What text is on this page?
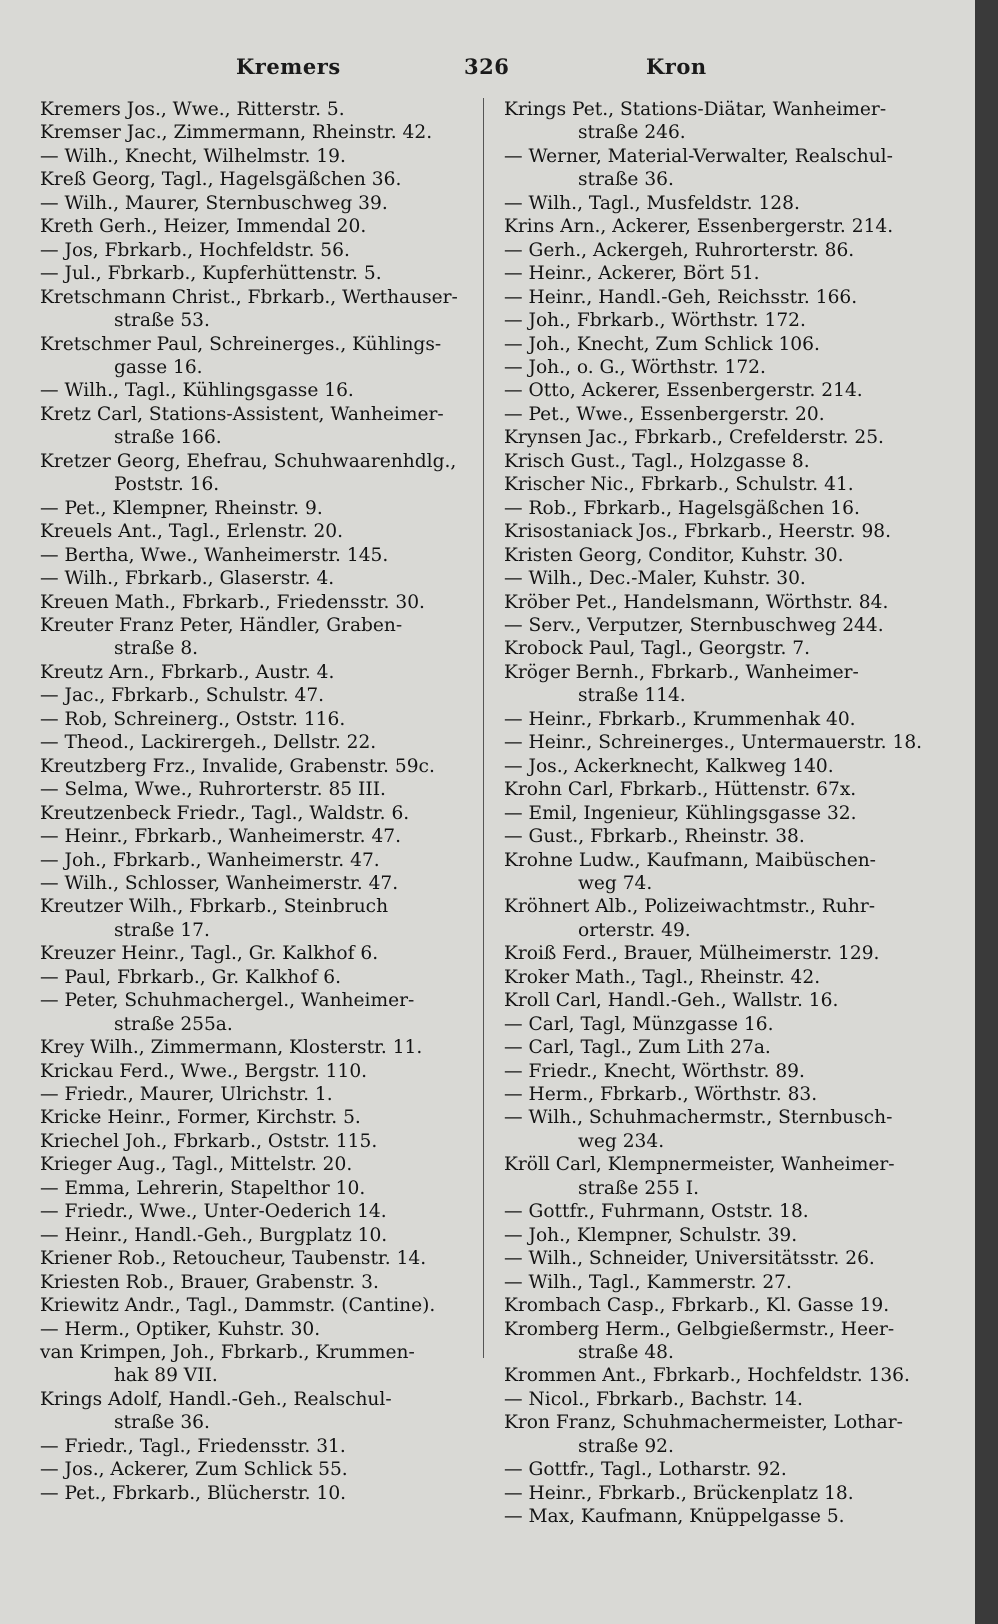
Kremers	326	Kron
Kremers Jos., Wwe., Ritterstr. 5.
Kremser Jac., Zimmermann, Rheinstr. 42.
— Wilh., Knecht, Wilhelmstr. 19.
Kreß Georg, Tagl., Hagelsgäßchen 36.
— Wilh., Maurer, Sternbuschweg 39.
Kreth Gerh., Heizer, Immendal 20.
— Jos, Fbrkarb., Hochfeldstr. 56.
— Jul., Fbrkarb., Kupferhüttenstr. 5.
Kretschmann Christ., Fbrkarb., Werthauser-
straße 53.
Kretschmer Paul, Schreinerges., Kühlings-
gasse 16.
— Wilh., Tagl., Kühlingsgasse 16.
Kretz Carl, Stations-Assistent, Wanheimer-
straße 166.
Kretzer Georg, Ehefrau, Schuhwaarenhdlg.,
Poststr. 16.
— Pet., Klempner, Rheinstr. 9.
Kreuels Ant., Tagl., Erlenstr. 20.
— Bertha, Wwe., Wanheimerstr. 145.
— Wilh., Fbrkarb., Glaserstr. 4.
Kreuen Math., Fbrkarb., Friedensstr. 30.
Kreuter Franz Peter, Händler, Graben-
straße 8.
Kreutz Arn., Fbrkarb., Austr. 4.
— Jac., Fbrkarb., Schulstr. 47.
— Rob, Schreinerg., Oststr. 116.
— Theod., Lackirergeh., Dellstr. 22.
Kreutzberg Frz., Invalide, Grabenstr. 59c.
— Selma, Wwe., Ruhrorterstr. 85 III.
Kreutzenbeck Friedr., Tagl., Waldstr. 6.
— Heinr., Fbrkarb., Wanheimerstr. 47.
— Joh., Fbrkarb., Wanheimerstr. 47.
— Wilh., Schlosser, Wanheimerstr. 47.
Kreutzer Wilh., Fbrkarb., Steinbruch
straße 17.
Kreuzer Heinr., Tagl., Gr. Kalkhof 6.
— Paul, Fbrkarb., Gr. Kalkhof 6.
— Peter, Schuhmachergel., Wanheimer-
straße 255a.
Krey Wilh., Zimmermann, Klosterstr. 11.
Krickau Ferd., Wwe., Bergstr. 110.
— Friedr., Maurer, Ulrichstr. 1.
Kricke Heinr., Former, Kirchstr. 5.
Kriechel Joh., Fbrkarb., Oststr. 115.
Krieger Aug., Tagl., Mittelstr. 20.
— Emma, Lehrerin, Stapelthor 10.
— Friedr., Wwe., Unter-Oederich 14.
— Heinr., Handl.-Geh., Burgplatz 10.
Kriener Rob., Retoucheur, Taubenstr. 14.
Kriesten Rob., Brauer, Grabenstr. 3.
Kriewitz Andr., Tagl., Dammstr. (Cantine).
— Herm., Optiker, Kuhstr. 30.
van Krimpen, Joh., Fbrkarb., Krummen-
hak 89 VII.
Krings Adolf, Handl.-Geh., Realschul-
straße 36.
— Friedr., Tagl., Friedensstr. 31.
— Jos., Ackerer, Zum Schlick 55.
— Pet., Fbrkarb., Blücherstr. 10.
Krings Pet., Stations-Diätar, Wanheimer-
straße 246.
— Werner, Material-Verwalter, Realschul-
straße 36.
— Wilh., Tagl., Musfeldstr. 128.
Krins Arn., Ackerer, Essenbergerstr. 214.
— Gerh., Ackergeh, Ruhrorterstr. 86.
— Heinr., Ackerer, Bört 51.
— Heinr., Handl.-Geh, Reichsstr. 166.
— Joh., Fbrkarb., Wörthstr. 172.
— Joh., Knecht, Zum Schlick 106.
— Joh., o. G., Wörthstr. 172.
— Otto, Ackerer, Essenbergerstr. 214.
— Pet., Wwe., Essenbergerstr. 20.
Krynsen Jac., Fbrkarb., Crefelderstr. 25.
Krisch Gust., Tagl., Holzgasse 8.
Krischer Nic., Fbrkarb., Schulstr. 41.
— Rob., Fbrkarb., Hagelsgäßchen 16.
Krisostaniack Jos., Fbrkarb., Heerstr. 98.
Kristen Georg, Conditor, Kuhstr. 30.
— Wilh., Dec.-Maler, Kuhstr. 30.
Kröber Pet., Handelsmann, Wörthstr. 84.
— Serv., Verputzer, Sternbuschweg 244.
Krobock Paul, Tagl., Georgstr. 7.
Kröger Bernh., Fbrkarb., Wanheimer-
straße 114.
— Heinr., Fbrkarb., Krummenhak 40.
— Heinr., Schreinerges., Untermauerstr. 18.
— Jos., Ackerknecht, Kalkweg 140.
Krohn Carl, Fbrkarb., Hüttenstr. 67x.
— Emil, Ingenieur, Kühlingsgasse 32.
— Gust., Fbrkarb., Rheinstr. 38.
Krohne Ludw., Kaufmann, Maibüschen-
weg 74.
Kröhnert Alb., Polizeiwachtmstr., Ruhr-
orterstr. 49.
Kroiß Ferd., Brauer, Mülheimerstr. 129.
Kroker Math., Tagl., Rheinstr. 42.
Kroll Carl, Handl.-Geh., Wallstr. 16.
— Carl, Tagl, Münzgasse 16.
— Carl, Tagl., Zum Lith 27a.
— Friedr., Knecht, Wörthstr. 89.
— Herm., Fbrkarb., Wörthstr. 83.
— Wilh., Schuhmachermstr., Sternbusch-
weg 234.
Kröll Carl, Klempnermeister, Wanheimer-
straße 255 I.
— Gottfr., Fuhrmann, Oststr. 18.
— Joh., Klempner, Schulstr. 39.
— Wilh., Schneider, Universitätsstr. 26.
— Wilh., Tagl., Kammerstr. 27.
Krombach Casp., Fbrkarb., Kl. Gasse 19.
Kromberg Herm., Gelbgießermstr., Heer-
straße 48.
Krommen Ant., Fbrkarb., Hochfeldstr. 136.
— Nicol., Fbrkarb., Bachstr. 14.
Kron Franz, Schuhmachermeister, Lothar-
straße 92.
— Gottfr., Tagl., Lotharstr. 92.
— Heinr., Fbrkarb., Brückenplatz 18.
— Max, Kaufmann, Knüppelgasse 5.
